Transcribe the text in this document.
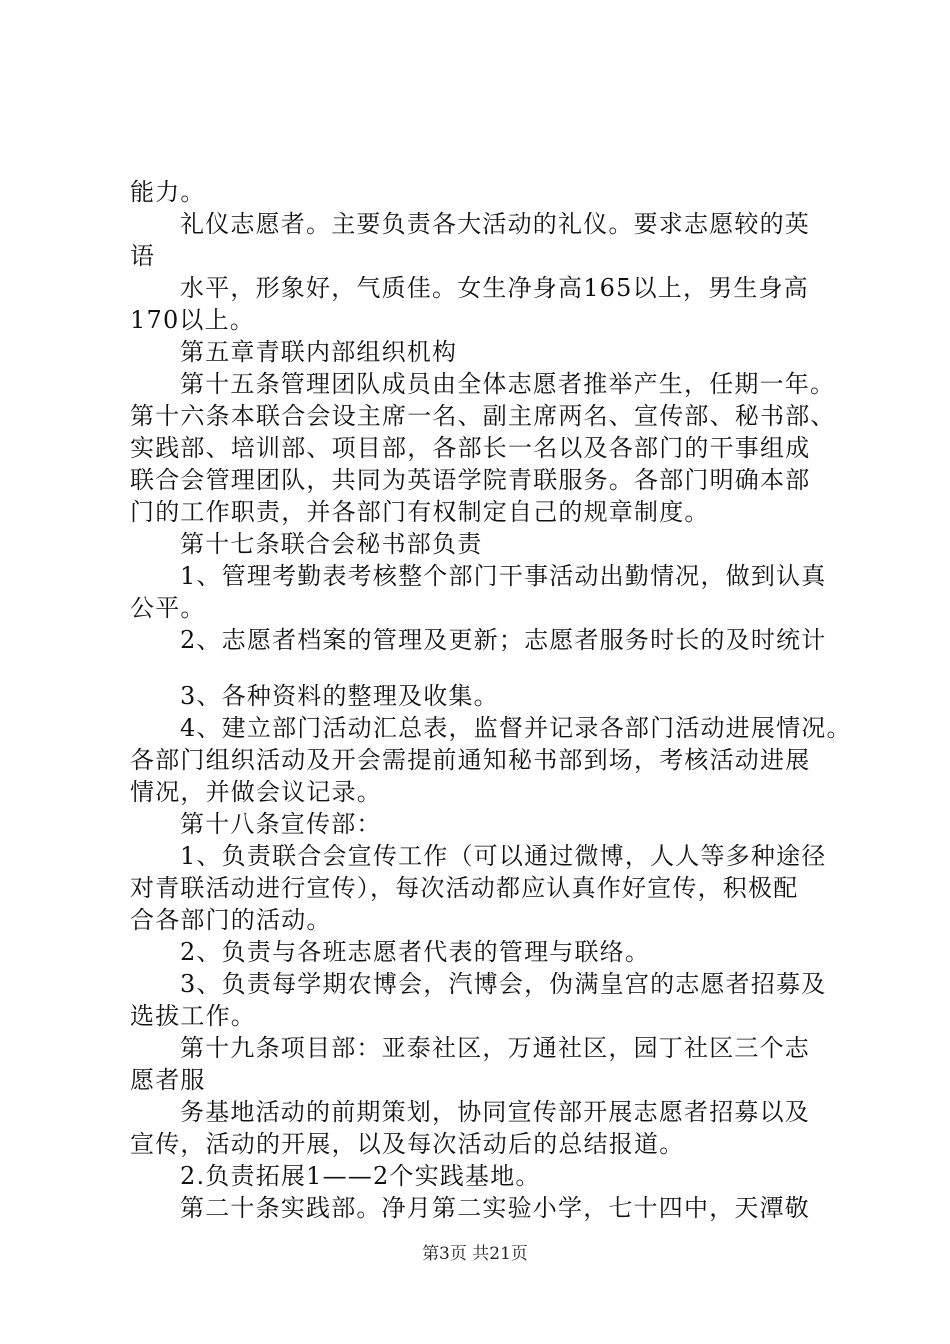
能力。
礼仪志愿者。主要负责各大活动的礼仪。要求志愿较的英
语
水平，形象好，气质佳。女生净身高165以上，男生身高
170以上。
第五章青联内部组织机构
第十五条管理团队成员由全体志愿者推举产生，任期一年。
第十六条本联合会设主席一名、副主席两名、宣传部、秘书部、
实践部、培训部、项目部，各部长一名以及各部门的干事组成
联合会管理团队，共同为英语学院青联服务。各部门明确本部
门的工作职责，并各部门有权制定自己的规章制度。
第十七条联合会秘书部负责
1、管理考勤表考核整个部门干事活动出勤情况，做到认真
公平。
2、志愿者档案的管理及更新；志愿者服务时长的及时统计
3、各种资料的整理及收集。
4、建立部门活动汇总表，监督并记录各部门活动进展情况。
各部门组织活动及开会需提前通知秘书部到场，考核活动进展
情况，并做会议记录。
第十八条宣传部：
1、负责联合会宣传工作（可以通过微博，人人等多种途径
对青联活动进行宣传），每次活动都应认真作好宣传，积极配
合各部门的活动。
2、负责与各班志愿者代表的管理与联络。
3、负责每学期农博会，汽博会，伪满皇宫的志愿者招募及
选拔工作。
第十九条项目部：亚泰社区，万通社区，园丁社区三个志
愿者服
务基地活动的前期策划，协同宣传部开展志愿者招募以及
宣传，活动的开展，以及每次活动后的总结报道。
2.负责拓展1——2个实践基地。
第二十条实践部。净月第二实验小学，七十四中，天潭敬
第3页 共21页
